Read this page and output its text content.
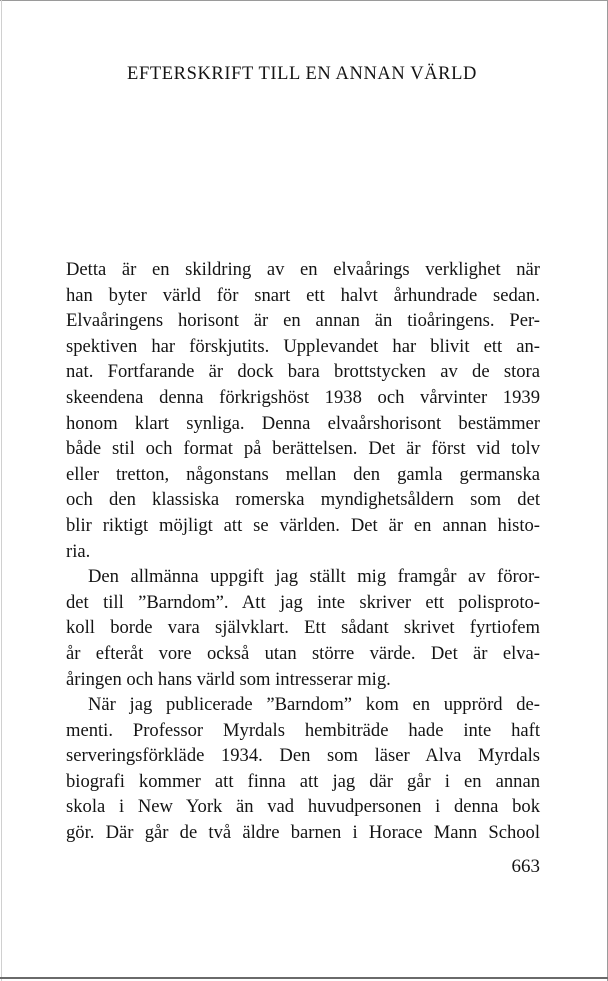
EFTERSKRIFT TILL EN ANNAN VÄRLD
Detta är en skildring av en elvaårings verklighet när
han byter värld för snart ett halvt århundrade sedan.
Elvaåringens horisont är en annan än tioåringens. Per-
spektiven har förskjutits. Upplevandet har blivit ett an-
nat. Fortfarande är dock bara brottstycken av de stora
skeendena denna förkrigshöst 1938 och vårvinter 1939
honom klart synliga. Denna elvaårshorisont bestämmer
både stil och format på berättelsen. Det är först vid tolv
eller tretton, någonstans mellan den gamla germanska
och den klassiska romerska myndighetsåldern som det
blir riktigt möjligt att se världen. Det är en annan histo-
ria.
Den allmänna uppgift jag ställt mig framgår av föror-
det till ”Barndom”. Att jag inte skriver ett polisproto-
koll borde vara självklart. Ett sådant skrivet fyrtiofem
år efteråt vore också utan större värde. Det är elva-
åringen och hans värld som intresserar mig.
När jag publicerade ”Barndom” kom en upprörd de-
menti. Professor Myrdals hembiträde hade inte haft
serveringsförkläde 1934. Den som läser Alva Myrdals
biografi kommer att finna att jag där går i en annan
skola i New York än vad huvudpersonen i denna bok
gör. Där går de två äldre barnen i Horace Mann School
663
